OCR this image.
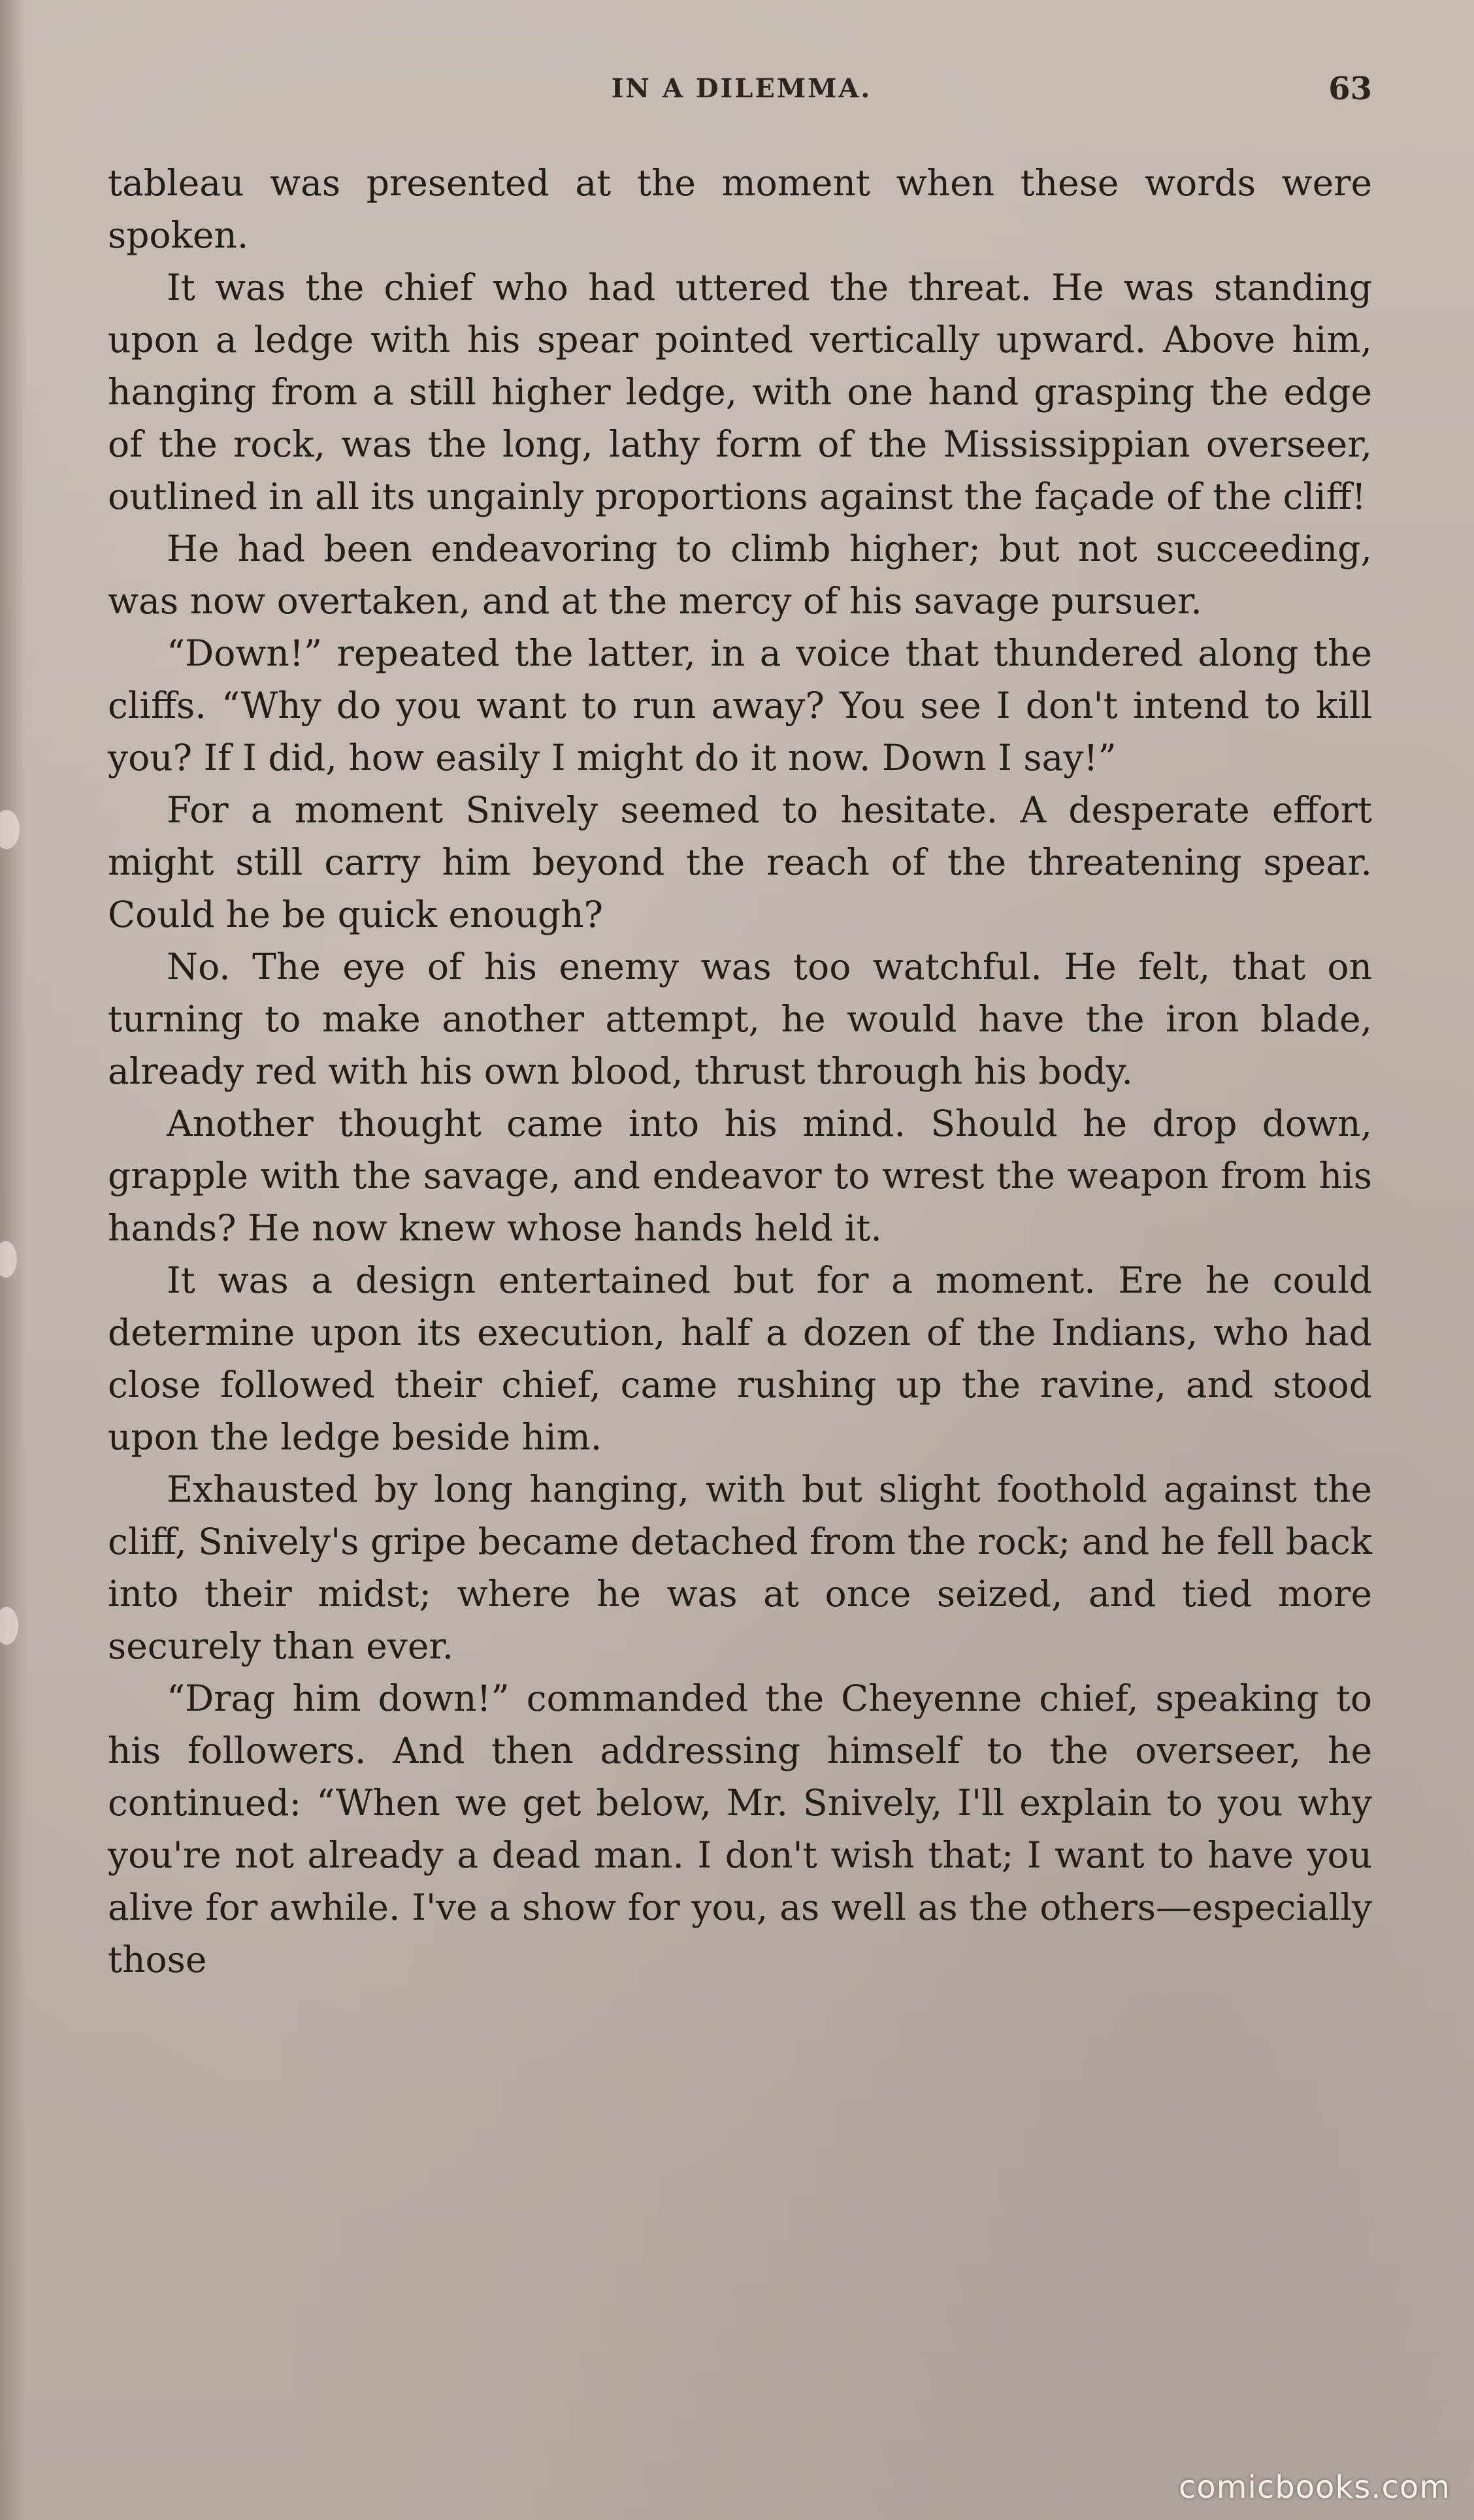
IN A DILEMMA.	63

tableau was presented at the moment when these words were spoken.

It was the chief who had uttered the threat. He was standing upon a ledge with his spear pointed vertically upward. Above him, hanging from a still higher ledge, with one hand grasping the edge of the rock, was the long, lathy form of the Mississippian overseer, outlined in all its ungainly proportions against the façade of the cliff!

He had been endeavoring to climb higher; but not succeeding, was now overtaken, and at the mercy of his savage pursuer.

“Down!” repeated the latter, in a voice that thundered along the cliffs. “Why do you want to run away? You see I don't intend to kill you? If I did, how easily I might do it now. Down I say!”

For a moment Snively seemed to hesitate. A desperate effort might still carry him beyond the reach of the threatening spear. Could he be quick enough?

No. The eye of his enemy was too watchful. He felt, that on turning to make another attempt, he would have the iron blade, already red with his own blood, thrust through his body.

Another thought came into his mind. Should he drop down, grapple with the savage, and endeavor to wrest the weapon from his hands? He now knew whose hands held it.

It was a design entertained but for a moment. Ere he could determine upon its execution, half a dozen of the Indians, who had close followed their chief, came rushing up the ravine, and stood upon the ledge beside him.

Exhausted by long hanging, with but slight foothold against the cliff, Snively's gripe became detached from the rock; and he fell back into their midst; where he was at once seized, and tied more securely than ever.

“Drag him down!” commanded the Cheyenne chief, speaking to his followers. And then addressing himself to the overseer, he continued: “When we get below, Mr. Snively, I'll explain to you why you're not already a dead man. I don't wish that; I want to have you alive for awhile. I've a show for you, as well as the others—especially those

comicbooks.com
